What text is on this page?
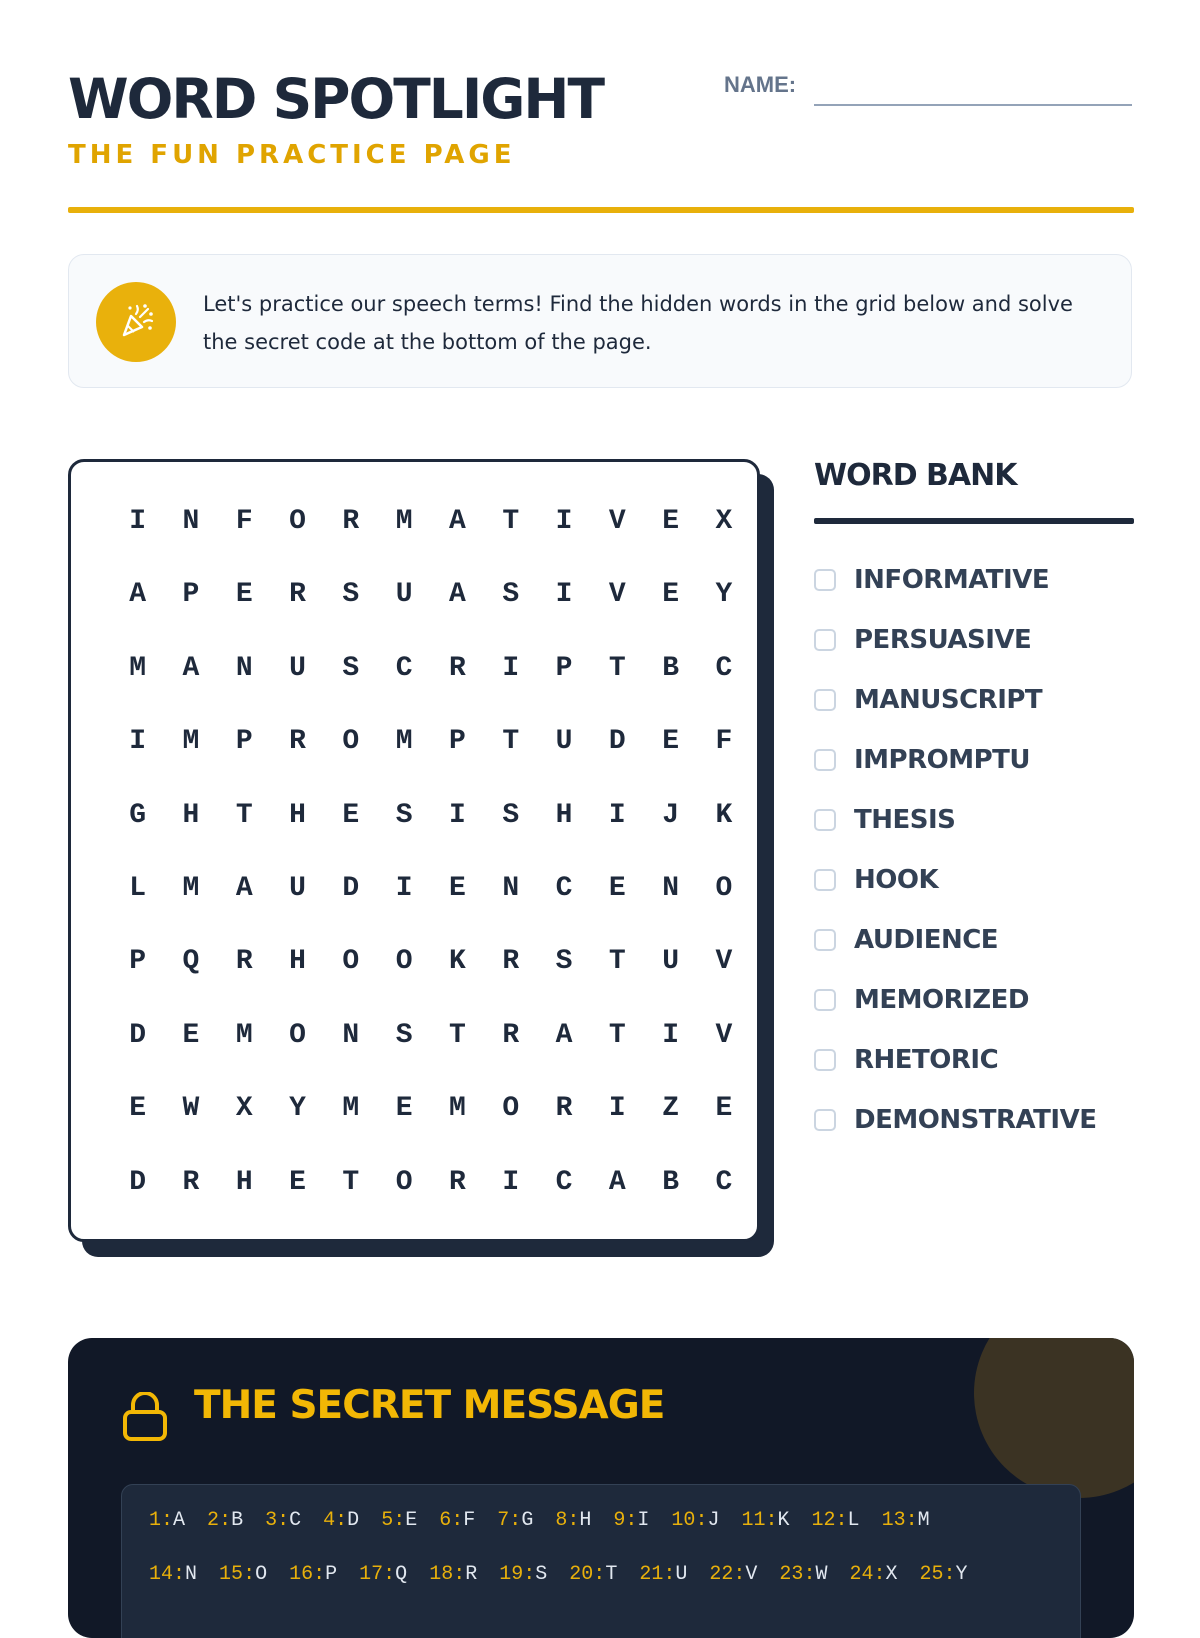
WORD SPOTLIGHT
THE FUN PRACTICE PAGE
NAME:
Let's practice our speech terms! Find the hidden words in the grid below and solve the secret code at the bottom of the page.
I	N	F	O	R	M	A	T	I	V	E	X
A	P	E	R	S	U	A	S	I	V	E	Y
M	A	N	U	S	C	R	I	P	T	B	C
I	M	P	R	O	M	P	T	U	D	E	F
G	H	T	H	E	S	I	S	H	I	J	K
L	M	A	U	D	I	E	N	C	E	N	O
P	Q	R	H	O	O	K	R	S	T	U	V
D	E	M	O	N	S	T	R	A	T	I	V
E	W	X	Y	M	E	M	O	R	I	Z	E
D	R	H	E	T	O	R	I	C	A	B	C
WORD BANK
INFORMATIVE
PERSUASIVE
MANUSCRIPT
IMPROMPTU
THESIS
HOOK
AUDIENCE
MEMORIZED
RHETORIC
DEMONSTRATIVE
THE SECRET MESSAGE
1:A 2:B 3:C 4:D 5:E 6:F 7:G 8:H 9:I 10:J 11:K 12:L 13:M
14:N 15:O 16:P 17:Q 18:R 19:S 20:T 21:U 22:V 23:W 24:X 25:Y
